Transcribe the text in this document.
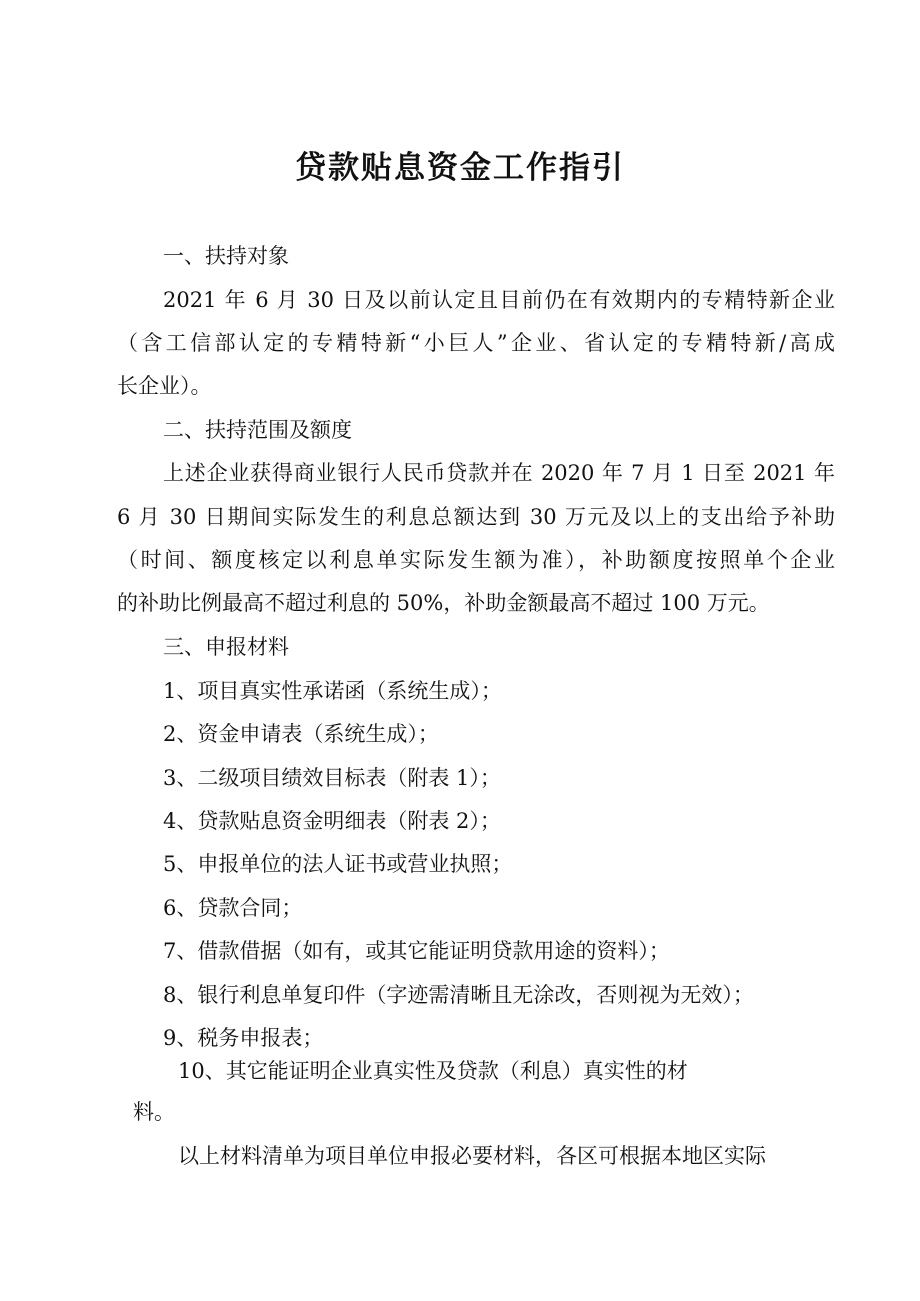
贷款贴息资金工作指引
一、扶持对象
2021 年 6 月 30 日及以前认定且目前仍在有效期内的专精特新企业
（含工信部认定的专精特新“小巨人”企业、省认定的专精特新/高成
长企业）。
二、扶持范围及额度
上述企业获得商业银行人民币贷款并在 2020 年 7 月 1 日至 2021 年
6 月 30 日期间实际发生的利息总额达到 30 万元及以上的支出给予补助
（时间、额度核定以利息单实际发生额为准），补助额度按照单个企业
的补助比例最高不超过利息的 50%，补助金额最高不超过 100 万元。
三、申报材料
1、项目真实性承诺函（系统生成）；
2、资金申请表（系统生成）；
3、二级项目绩效目标表（附表 1）；
4、贷款贴息资金明细表（附表 2）；
5、申报单位的法人证书或营业执照；
6、贷款合同；
7、借款借据（如有，或其它能证明贷款用途的资料）；
8、银行利息单复印件（字迹需清晰且无涂改，否则视为无效）；
9、税务申报表；
10、其它能证明企业真实性及贷款（利息）真实性的材
料。
以上材料清单为项目单位申报必要材料，各区可根据本地区实际
